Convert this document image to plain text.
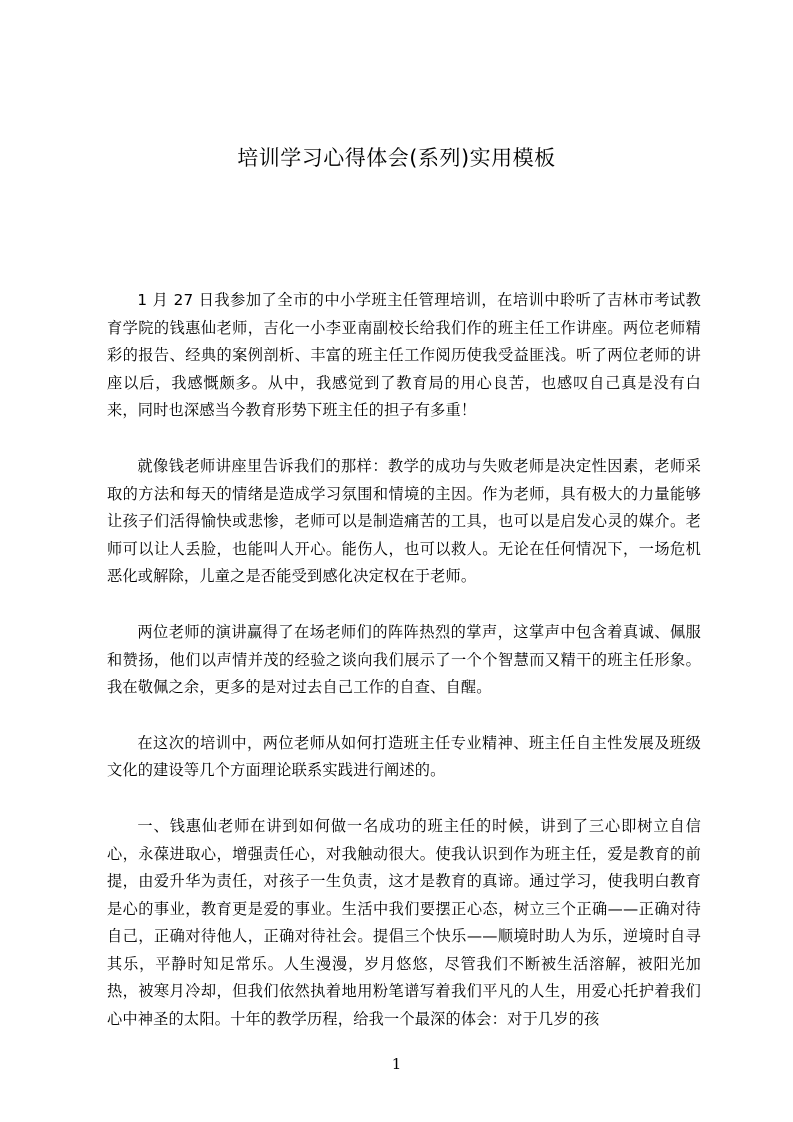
培训学习心得体会(系列)实用模板

1 月 27 日我参加了全市的中小学班主任管理培训，在培训中聆听了吉林市考试教育学院的钱惠仙老师，吉化一小李亚南副校长给我们作的班主任工作讲座。两位老师精彩的报告、经典的案例剖析、丰富的班主任工作阅历使我受益匪浅。听了两位老师的讲座以后，我感慨颇多。从中，我感觉到了教育局的用心良苦，也感叹自己真是没有白来，同时也深感当今教育形势下班主任的担子有多重！

就像钱老师讲座里告诉我们的那样：教学的成功与失败老师是决定性因素，老师采取的方法和每天的情绪是造成学习氛围和情境的主因。作为老师，具有极大的力量能够让孩子们活得愉快或悲惨，老师可以是制造痛苦的工具，也可以是启发心灵的媒介。老师可以让人丢脸，也能叫人开心。能伤人，也可以救人。无论在任何情况下，一场危机恶化或解除，儿童之是否能受到感化决定权在于老师。

两位老师的演讲赢得了在场老师们的阵阵热烈的掌声，这掌声中包含着真诚、佩服和赞扬，他们以声情并茂的经验之谈向我们展示了一个个智慧而又精干的班主任形象。我在敬佩之余，更多的是对过去自己工作的自查、自醒。

在这次的培训中，两位老师从如何打造班主任专业精神、班主任自主性发展及班级文化的建设等几个方面理论联系实践进行阐述的。

一、钱惠仙老师在讲到如何做一名成功的班主任的时候，讲到了三心即树立自信心，永葆进取心，增强责任心，对我触动很大。使我认识到作为班主任，爱是教育的前提，由爱升华为责任，对孩子一生负责，这才是教育的真谛。通过学习，使我明白教育是心的事业，教育更是爱的事业。生活中我们要摆正心态，树立三个正确——正确对待自己，正确对待他人，正确对待社会。提倡三个快乐——顺境时助人为乐，逆境时自寻其乐，平静时知足常乐。人生漫漫，岁月悠悠，尽管我们不断被生活溶解，被阳光加热，被寒月冷却，但我们依然执着地用粉笔谱写着我们平凡的人生，用爱心托护着我们心中神圣的太阳。十年的教学历程，给我一个最深的体会：对于几岁的孩

1
